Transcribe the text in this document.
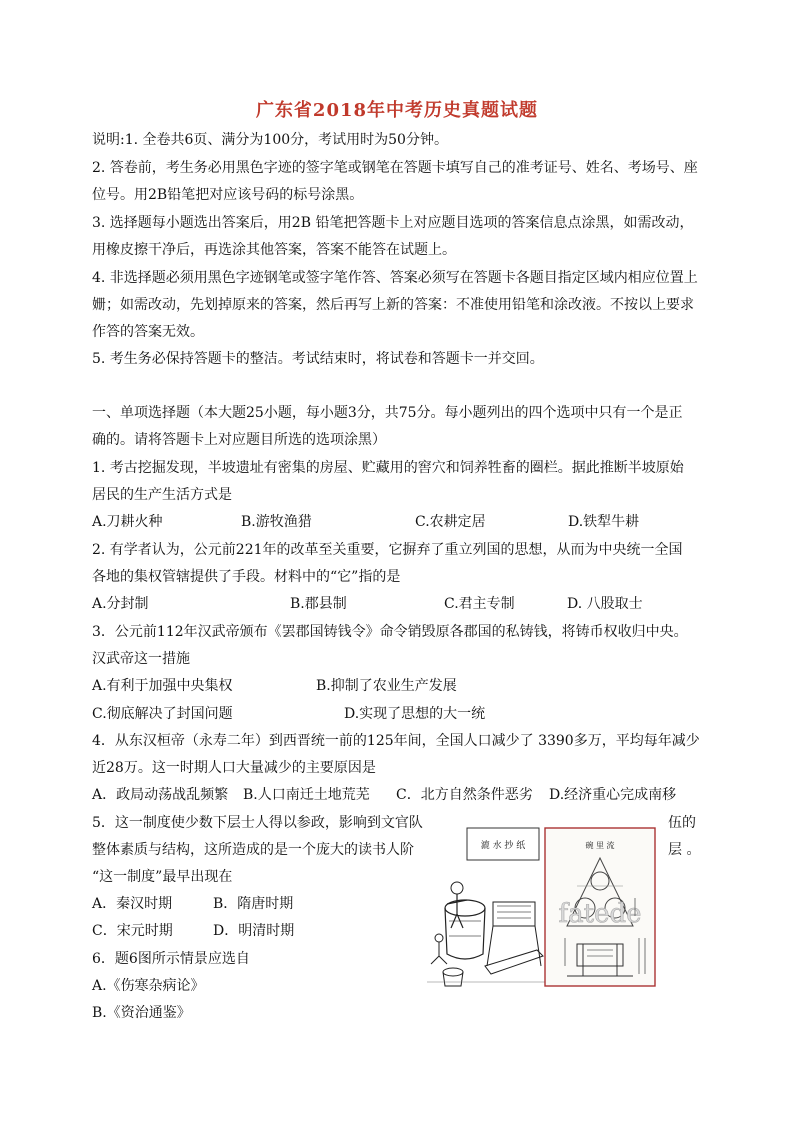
广东省2018年中考历史真题试题
说明:1. 全卷共6页、满分为100分，考试用时为50分钟。
2. 答卷前，考生务必用黑色字迹的签字笔或钢笔在答题卡填写自己的准考证号、姓名、考场号、座
位号。用2B铅笔把对应该号码的标号涂黑。
3. 选择题每小题选出答案后，用2B 铅笔把答题卡上对应题目选项的答案信息点涂黑，如需改动，
用橡皮擦干净后，再选涂其他答案，答案不能答在试题上。
4. 非选择题必须用黑色字迹钢笔或签字笔作答、答案必须写在答题卡各题目指定区域内相应位置上
姗；如需改动，先划掉原来的答案，然后再写上新的答案：不准使用铅笔和涂改液。不按以上要求
作答的答案无效。
5. 考生务必保持答题卡的整洁。考试结束时，将试卷和答题卡一并交回。
一、单项选择题（本大题25小题，每小题3分，共75分。每小题列出的四个选项中只有一个是正
确的。请将答题卡上对应题目所选的选项涂黑）
1. 考古挖掘发现，半坡遗址有密集的房屋、贮藏用的窖穴和饲养牲畜的圈栏。据此推断半坡原始
居民的生产生活方式是
A.刀耕火种	B.游牧渔猎	C.农耕定居	D.铁犁牛耕
2. 有学者认为，公元前221年的改革至关重要，它摒弃了重立列国的思想，从而为中央统一全国
各地的集权管辖提供了手段。材料中的“它”指的是
A.分封制	B.郡县制	C.君主专制	D. 八股取士
3．公元前112年汉武帝颁布《罢郡国铸钱令》命令销毁原各郡国的私铸钱，将铸币权收归中央。
汉武帝这一措施
A.有利于加强中央集权	B.抑制了农业生产发展
C.彻底解决了封国问题	D.实现了思想的大一统
4．从东汉桓帝（永寿二年）到西晋统一前的125年间，全国人口减少了 3390多万，平均每年减少
近28万。这一时期人口大量减少的主要原因是
A．政局动荡战乱频繁 B.人口南迁土地荒芜 C．北方自然条件恶劣 D.经济重心完成南移
5．这一制度使少数下层士人得以参政，影响到文官队	伍的
整体素质与结构，这所造成的是一个庞大的读书人阶	层 。
“这一制度”最早出现在
A．秦汉时期	B．隋唐时期
C．宋元时期	D．明清时期
6．题6图所示情景应选自
A.《伤寒杂病论》
B.《资治通鉴》
漉 水 抄 纸	碗 里 流
fatede
